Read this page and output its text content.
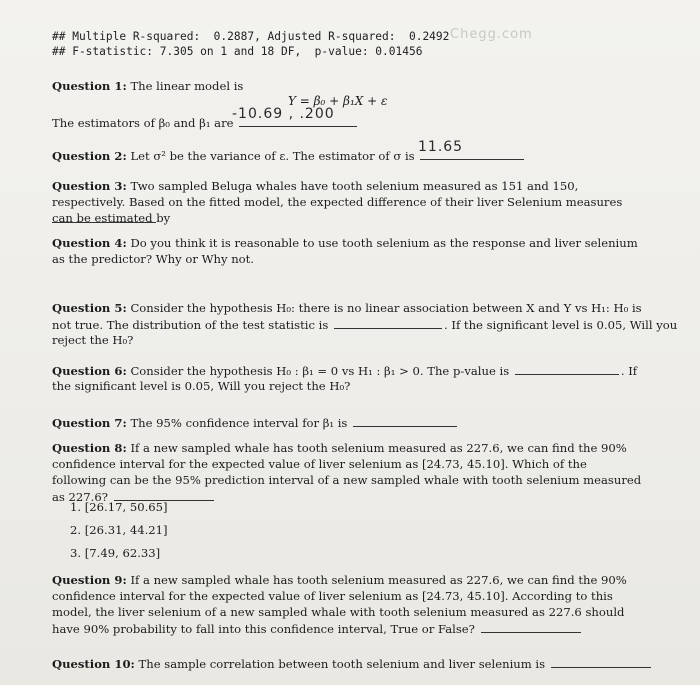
Chegg.com
## Multiple R-squared:  0.2887, Adjusted R-squared:  0.2492
## F-statistic: 7.305 on 1 and 18 DF,  p-value: 0.01456
Question 1: The linear model is
Y = β₀ + β₁X + ε
The estimators of β₀ and β₁ are
-10.69 , .200
Question 2: Let σ² be the variance of ε. The estimator of σ is
11.65
Question 3: Two sampled Beluga whales have tooth selenium measured as 151 and 150, respectively. Based on the fitted model, the expected difference of their liver Selenium measures can be estimated by
Question 4: Do you think it is reasonable to use tooth selenium as the response and liver selenium as the predictor? Why or Why not.
Question 5: Consider the hypothesis H₀: there is no linear association between X and Y vs H₁: H₀ is
not true. The distribution of the test statistic is	. If the significant level is 0.05, Will you
reject the H₀?
Question 6: Consider the hypothesis H₀ : β₁ = 0 vs H₁ : β₁ > 0. The p-value is	. If
the significant level is 0.05, Will you reject the H₀?
Question 7: The 95% confidence interval for β₁ is
Question 8: If a new sampled whale has tooth selenium measured as 227.6, we can find the 90% confidence interval for the expected value of liver selenium as [24.73, 45.10]. Which of the following can be the 95% prediction interval of a new sampled whale with tooth selenium measured as 227.6?
1. [26.17, 50.65]
2. [26.31, 44.21]
3. [7.49, 62.33]
Question 9: If a new sampled whale has tooth selenium measured as 227.6, we can find the 90% confidence interval for the expected value of liver selenium as [24.73, 45.10]. According to this model, the liver selenium of a new sampled whale with tooth selenium measured as 227.6 should have 90% probability to fall into this confidence interval, True or False?
Question 10: The sample correlation between tooth selenium and liver selenium is
